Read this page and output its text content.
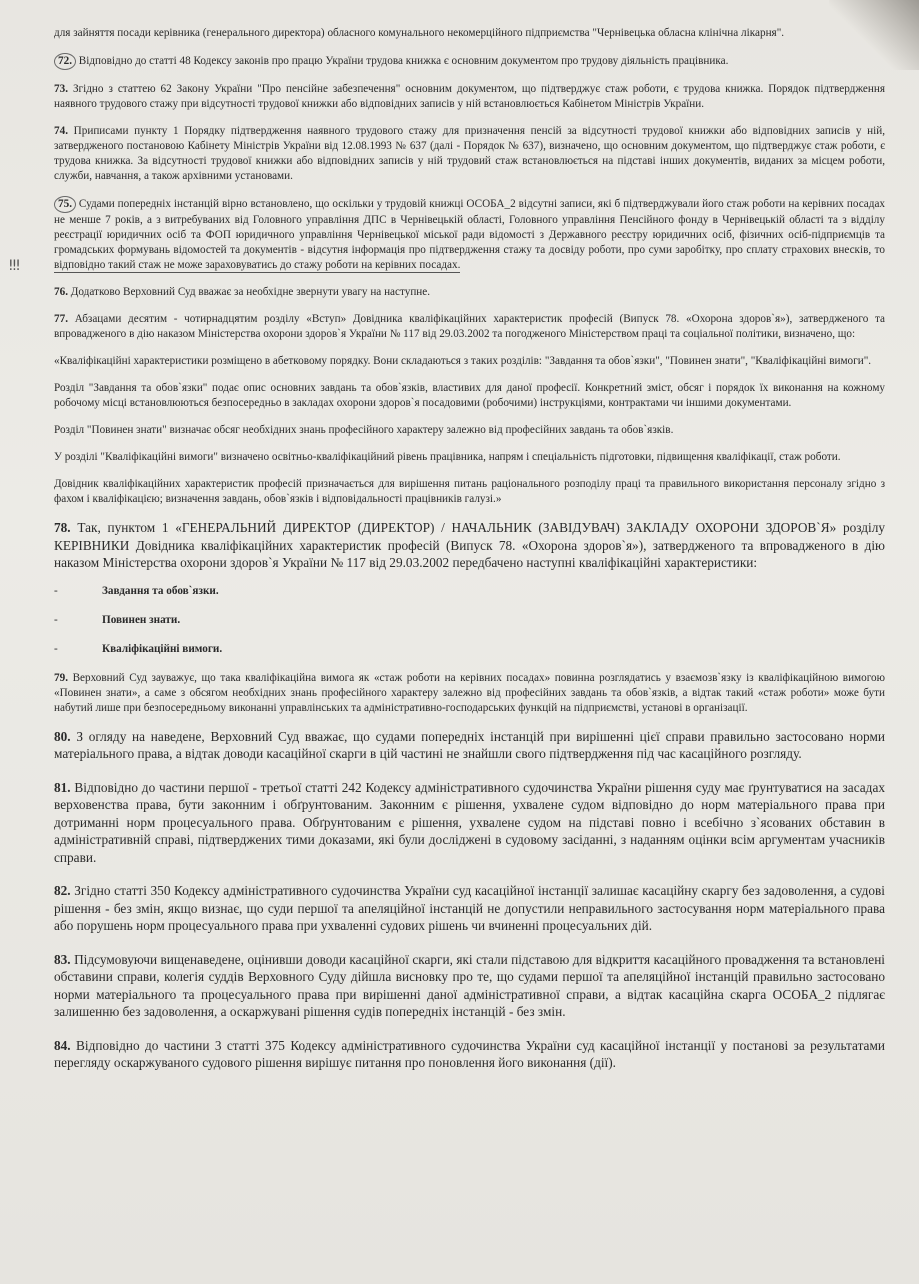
!!!

для зайняття посади керівника (генерального директора) обласного комунального некомерційного підприємства "Чернівецька обласна клінічна лікарня".

72. Відповідно до статті 48 Кодексу законів про працю України трудова книжка є основним документом про трудову діяльність працівника.

73. Згідно з статтею 62 Закону України "Про пенсійне забезпечення" основним документом, що підтверджує стаж роботи, є трудова книжка. Порядок підтвердження наявного трудового стажу при відсутності трудової книжки або відповідних записів у ній встановлюється Кабінетом Міністрів України.

74. Приписами пункту 1 Порядку підтвердження наявного трудового стажу для призначення пенсій за відсутності трудової книжки або відповідних записів у ній, затвердженого постановою Кабінету Міністрів України від 12.08.1993 № 637 (далі - Порядок № 637), визначено, що основним документом, що підтверджує стаж роботи, є трудова книжка. За відсутності трудової книжки або відповідних записів у ній трудовий стаж встановлюється на підставі інших документів, виданих за місцем роботи, служби, навчання, а також архівними установами.

75. Судами попередніх інстанцій вірно встановлено, що оскільки у трудовій книжці ОСОБА_2 відсутні записи, які б підтверджували його стаж роботи на керівних посадах не менше 7 років, а з витребуваних від Головного управління ДПС в Чернівецькій області, Головного управління Пенсійного фонду в Чернівецькій області та з відділу реєстрації юридичних осіб та ФОП юридичного управління Чернівецької міської ради відомості з Державного реєстру юридичних осіб, фізичних осіб-підприємців та громадських формувань відомостей та документів - відсутня інформація про підтвердження стажу та досвіду роботи, про суми заробітку, про сплату страхових внесків, то відповідно такий стаж не може зараховуватись до стажу роботи на керівних посадах.

76. Додатково Верховний Суд вважає за необхідне звернути увагу на наступне.

77. Абзацами десятим - чотирнадцятим розділу «Вступ» Довідника кваліфікаційних характеристик професій (Випуск 78. «Охорона здоров`я»), затвердженого та впровадженого в дію наказом Міністерства охорони здоров`я України № 117 від 29.03.2002 та погодженого Міністерством праці та соціальної політики, визначено, що:

«Кваліфікаційні характеристики розміщено в абетковому порядку. Вони складаються з таких розділів: "Завдання та обов`язки", "Повинен знати", "Кваліфікаційні вимоги".

Розділ "Завдання та обов`язки" подає опис основних завдань та обов`язків, властивих для даної професії. Конкретний зміст, обсяг і порядок їх виконання на кожному робочому місці встановлюються безпосередньо в закладах охорони здоров`я посадовими (робочими) інструкціями, контрактами чи іншими документами.

Розділ "Повинен знати" визначає обсяг необхідних знань професійного характеру залежно від професійних завдань та обов`язків.

У розділі "Кваліфікаційні вимоги" визначено освітньо-кваліфікаційний рівень працівника, напрям і спеціальність підготовки, підвищення кваліфікації, стаж роботи.

Довідник кваліфікаційних характеристик професій призначається для вирішення питань раціонального розподілу праці та правильного використання персоналу згідно з фахом і кваліфікацією; визначення завдань, обов`язків і відповідальності працівників галузі.»

78. Так, пунктом 1 «ГЕНЕРАЛЬНИЙ ДИРЕКТОР (ДИРЕКТОР) / НАЧАЛЬНИК (ЗАВІДУВАЧ) ЗАКЛАДУ ОХОРОНИ ЗДОРОВ`Я» розділу КЕРІВНИКИ Довідника кваліфікаційних характеристик професій (Випуск 78. «Охорона здоров`я»), затвердженого та впровадженого в дію наказом Міністерства охорони здоров`я України № 117 від 29.03.2002 передбачено наступні кваліфікаційні характеристики:

-	Завдання та обов`язки.
-	Повинен знати.
-	Кваліфікаційні вимоги.

79. Верховний Суд зауважує, що така кваліфікаційна вимога як «стаж роботи на керівних посадах» повинна розглядатись у взаємозв`язку із кваліфікаційною вимогою «Повинен знати», а саме з обсягом необхідних знань професійного характеру залежно від професійних завдань та обов`язків, а відтак такий «стаж роботи» може бути набутий лише при безпосередньому виконанні управлінських та адміністративно-господарських функцій на підприємстві, установі в організації.

80. З огляду на наведене, Верховний Суд вважає, що судами попередніх інстанцій при вирішенні цієї справи правильно застосовано норми матеріального права, а відтак доводи касаційної скарги в цій частині не знайшли свого підтвердження під час касаційного розгляду.

81. Відповідно до частини першої - третьої статті 242 Кодексу адміністративного судочинства України рішення суду має ґрунтуватися на засадах верховенства права, бути законним і обґрунтованим. Законним є рішення, ухвалене судом відповідно до норм матеріального права при дотриманні норм процесуального права. Обґрунтованим є рішення, ухвалене судом на підставі повно і всебічно з`ясованих обставин в адміністративній справі, підтверджених тими доказами, які були досліджені в судовому засіданні, з наданням оцінки всім аргументам учасників справи.

82. Згідно статті 350 Кодексу адміністративного судочинства України суд касаційної інстанції залишає касаційну скаргу без задоволення, а судові рішення - без змін, якщо визнає, що суди першої та апеляційної інстанцій не допустили неправильного застосування норм матеріального права або порушень норм процесуального права при ухваленні судових рішень чи вчиненні процесуальних дій.

83. Підсумовуючи вищенаведене, оцінивши доводи касаційної скарги, які стали підставою для відкриття касаційного провадження та встановлені обставини справи, колегія суддів Верховного Суду дійшла висновку про те, що судами першої та апеляційної інстанцій правильно застосовано норми матеріального та процесуального права при вирішенні даної адміністративної справи, а відтак касаційна скарга ОСОБА_2 підлягає залишенню без задоволення, а оскаржувані рішення судів попередніх інстанцій - без змін.

84. Відповідно до частини 3 статті 375 Кодексу адміністративного судочинства України суд касаційної інстанції у постанові за результатами перегляду оскаржуваного судового рішення вирішує питання про поновлення його виконання (дії).
